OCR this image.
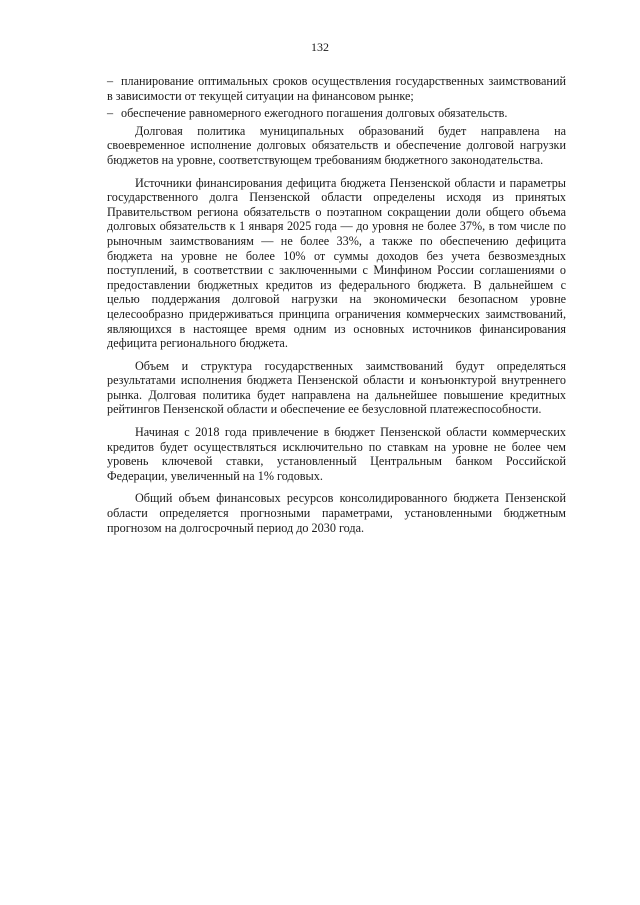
132
– планирование оптимальных сроков осуществления государственных заимствований в зависимости от текущей ситуации на финансовом рынке;
– обеспечение равномерного ежегодного погашения долговых обязательств.

Долговая политика муниципальных образований будет направлена на своевременное исполнение долговых обязательств и обеспечение долговой нагрузки бюджетов на уровне, соответствующем требованиям бюджетного законодательства.

Источники финансирования дефицита бюджета Пензенской области и параметры государственного долга Пензенской области определены исходя из принятых Правительством региона обязательств о поэтапном сокращении доли общего объема долговых обязательств к 1 января 2025 года — до уровня не более 37%, в том числе по рыночным заимствованиям — не более 33%, а также по обеспечению дефицита бюджета на уровне не более 10% от суммы доходов без учета безвозмездных поступлений, в соответствии с заключенными с Минфином России соглашениями о предоставлении бюджетных кредитов из федерального бюджета. В дальнейшем с целью поддержания долговой нагрузки на экономически безопасном уровне целесообразно придерживаться принципа ограничения коммерческих заимствований, являющихся в настоящее время одним из основных источников финансирования дефицита регионального бюджета.

Объем и структура государственных заимствований будут определяться результатами исполнения бюджета Пензенской области и конъюнктурой внутреннего рынка. Долговая политика будет направлена на дальнейшее повышение кредитных рейтингов Пензенской области и обеспечение ее безусловной платежеспособности.

Начиная с 2018 года привлечение в бюджет Пензенской области коммерческих кредитов будет осуществляться исключительно по ставкам на уровне не более чем уровень ключевой ставки, установленный Центральным банком Российской Федерации, увеличенный на 1% годовых.

Общий объем финансовых ресурсов консолидированного бюджета Пензенской области определяется прогнозными параметрами, установленными бюджетным прогнозом на долгосрочный период до 2030 года.
